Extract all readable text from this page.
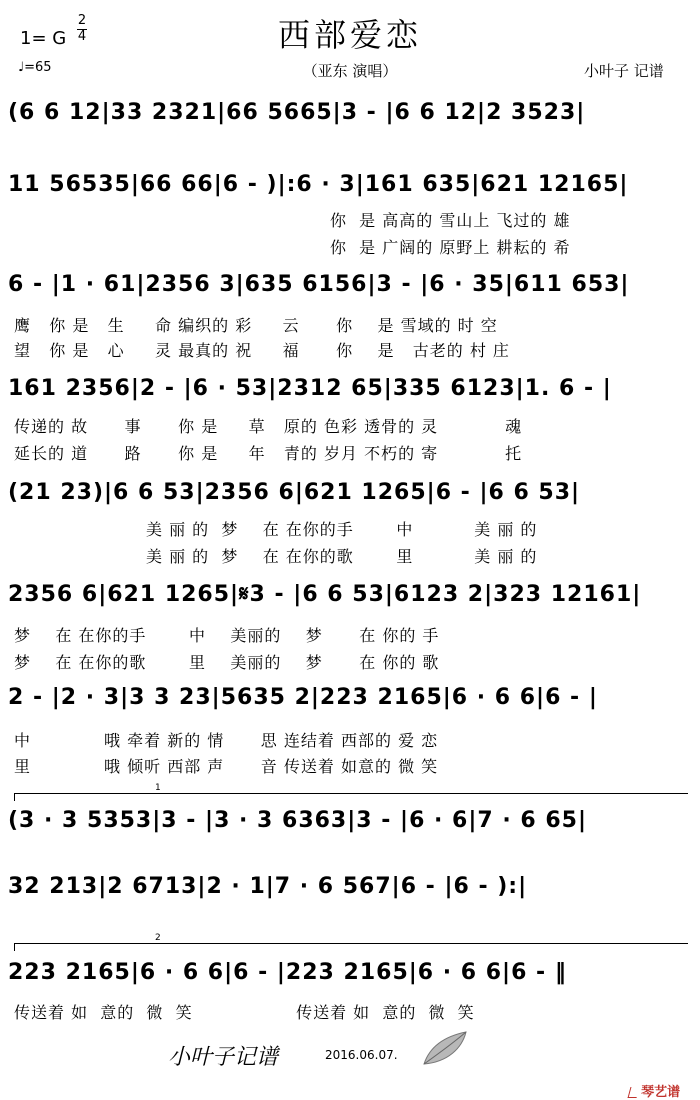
1= G
2
4
♩=65
西部爱恋
（亚东 演唱）	小叶子 记谱
(6 6 12|33 2321|66 5665|3 - |6 6 12|2 3523|
11 56535|66 66|6 - )|:6 · 3|161 635|621 12165|
你  是 高高的 雪山上 飞过的 雄
你  是 广阔的 原野上 耕耘的 希
6 - |1 · 61|2356 3|635 6156|3 - |6 · 35|611 653|
鹰   你 是   生     命 编织的 彩     云      你    是 雪域的 时 空
望   你 是   心     灵 最真的 祝     福      你    是   古老的 村 庄
161 2356|2 - |6 · 53|2312 65|335 6123|1. 6 - |
传递的 故      事      你 是     草   原的 色彩 透骨的 灵           魂
延长的 道      路      你 是     年   青的 岁月 不朽的 寄           托
(21 23)|6 6 53|2356 6|621 1265|6 - |6 6 53|
美 丽 的  梦    在 在你的手       中          美 丽 的
美 丽 的  梦    在 在你的歌       里          美 丽 的
2356 6|621 1265|𝄋3 - |6 6 53|6123 2|323 12161|
梦    在 在你的手       中    美丽的    梦      在 你的 手
梦    在 在你的歌       里    美丽的    梦      在 你的 歌
2 - |2 · 3|3 3 23|5635 2|223 2165|6 · 6 6|6 - |
中            哦 牵着 新的 情      思 连结着 西部的 爱 恋
里            哦 倾听 西部 声      音 传送着 如意的 微 笑
1
(3 · 3 5353|3 - |3 · 3 6363|3 - |6 · 6|7 · 6 65|
32 213|2 6713|2 · 1|7 · 6 567|6 - |6 - ):|
2
223 2165|6 · 6 6|6 - |223 2165|6 · 6 6|6 - ‖
传送着 如  意的  微  笑                 传送着 如  意的  微  笑
小叶子记谱	2016.06.07.

琴艺谱
